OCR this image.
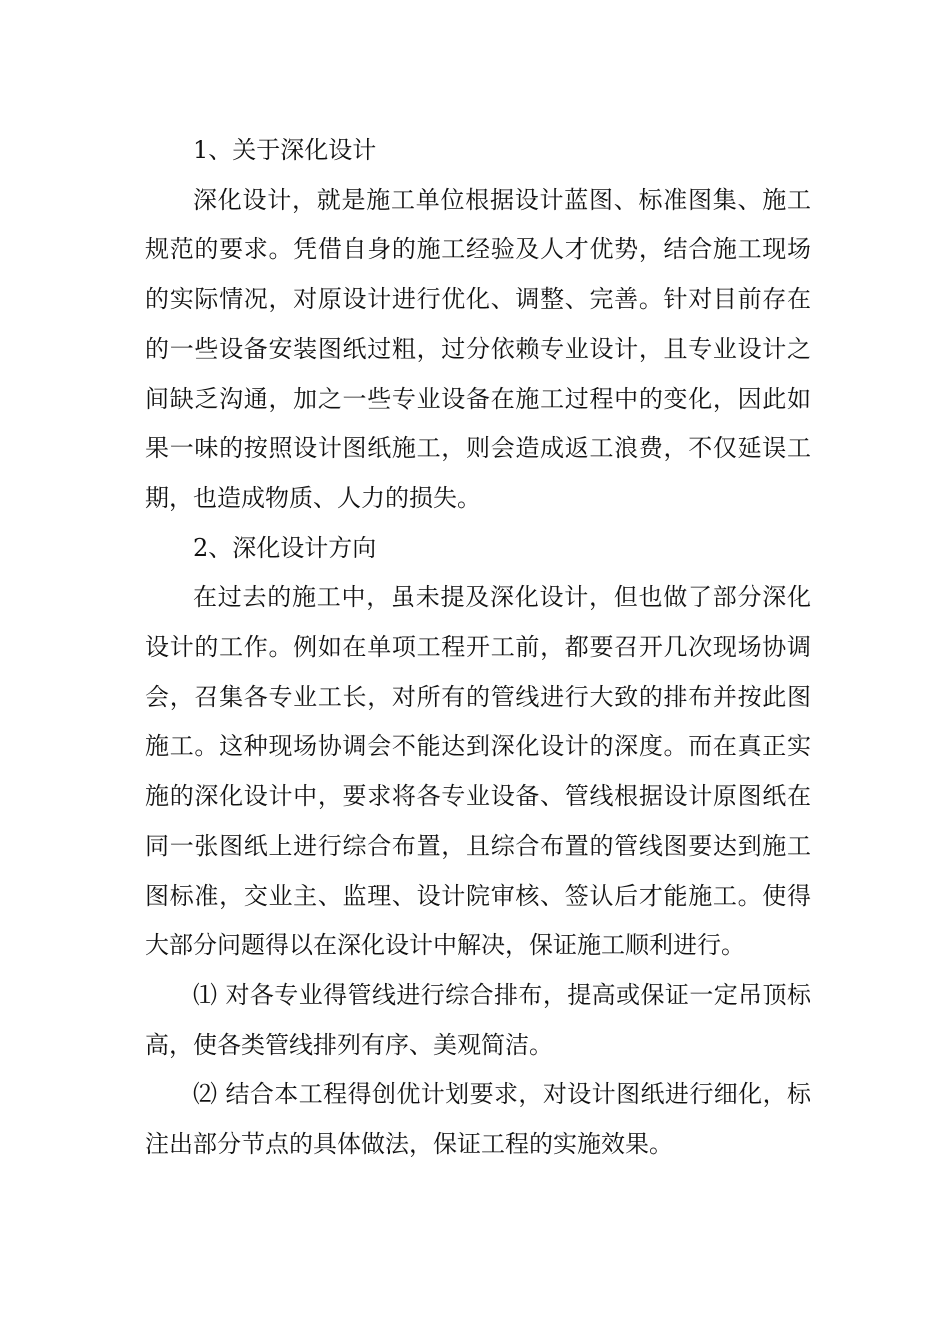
1、关于深化设计

深化设计，就是施工单位根据设计蓝图、标准图集、施工规范的要求。凭借自身的施工经验及人才优势，结合施工现场的实际情况，对原设计进行优化、调整、完善。针对目前存在的一些设备安装图纸过粗，过分依赖专业设计，且专业设计之间缺乏沟通，加之一些专业设备在施工过程中的变化，因此如果一味的按照设计图纸施工，则会造成返工浪费，不仅延误工期，也造成物质、人力的损失。

2、深化设计方向

在过去的施工中，虽未提及深化设计，但也做了部分深化设计的工作。例如在单项工程开工前，都要召开几次现场协调会，召集各专业工长，对所有的管线进行大致的排布并按此图施工。这种现场协调会不能达到深化设计的深度。而在真正实施的深化设计中，要求将各专业设备、管线根据设计原图纸在同一张图纸上进行综合布置，且综合布置的管线图要达到施工图标准，交业主、监理、设计院审核、签认后才能施工。使得大部分问题得以在深化设计中解决，保证施工顺利进行。

⑴ 对各专业得管线进行综合排布，提高或保证一定吊顶标高，使各类管线排列有序、美观简洁。

⑵ 结合本工程得创优计划要求，对设计图纸进行细化，标注出部分节点的具体做法，保证工程的实施效果。
